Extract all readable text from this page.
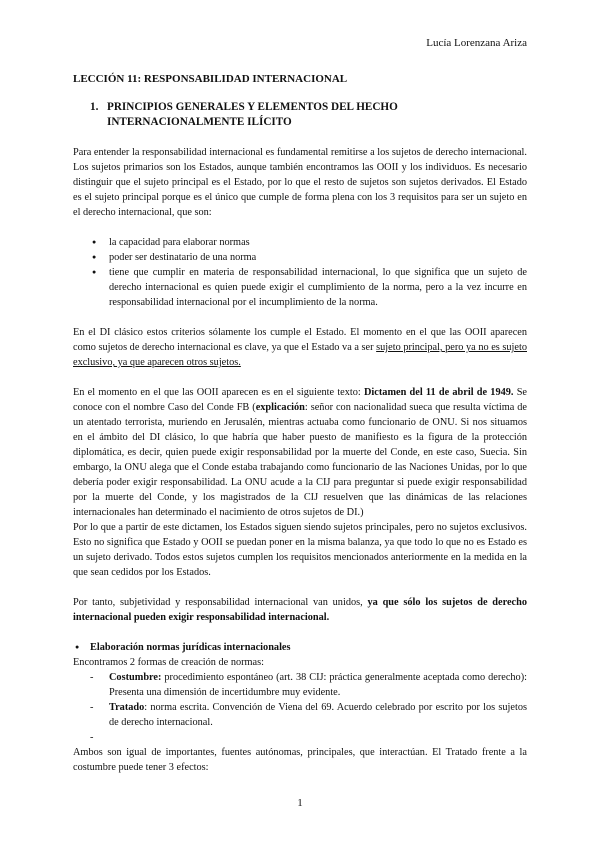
Lucía Lorenzana Ariza
LECCIÓN 11: RESPONSABILIDAD INTERNACIONAL
1. PRINCIPIOS GENERALES Y ELEMENTOS DEL HECHO INTERNACIONALMENTE ILÍCITO

Para entender la responsabilidad internacional es fundamental remitirse a los sujetos de derecho internacional. Los sujetos primarios son los Estados, aunque también encontramos las OOII y los individuos. Es necesario distinguir que el sujeto principal es el Estado, por lo que el resto de sujetos son sujetos derivados. El Estado es el sujeto principal porque es el único que cumple de forma plena con los 3 requisitos para ser un sujeto en el derecho internacional, que son:

● la capacidad para elaborar normas
● poder ser destinatario de una norma
● tiene que cumplir en materia de responsabilidad internacional, lo que significa que un sujeto de derecho internacional es quien puede exigir el cumplimiento de la norma, pero a la vez incurre en responsabilidad internacional por el incumplimiento de la norma.

En el DI clásico estos criterios sólamente los cumple el Estado. El momento en el que las OOII aparecen como sujetos de derecho internacional es clave, ya que el Estado va a ser sujeto principal, pero ya no es sujeto exclusivo, ya que aparecen otros sujetos.

En el momento en el que las OOII aparecen es en el siguiente texto: Dictamen del 11 de abril de 1949. Se conoce con el nombre Caso del Conde FB (explicación: señor con nacionalidad sueca que resulta víctima de un atentado terrorista, muriendo en Jerusalén, mientras actuaba como funcionario de ONU. Si nos situamos en el ámbito del DI clásico, lo que habría que haber puesto de manifiesto es la figura de la protección diplomática, es decir, quien puede exigir responsabilidad por la muerte del Conde, en este caso, Suecia. Sin embargo, la ONU alega que el Conde estaba trabajando como funcionario de las Naciones Unidas, por lo que debería poder exigir responsabilidad. La ONU acude a la CIJ para preguntar si puede exigir responsabilidad por la muerte del Conde, y los magistrados de la CIJ resuelven que las dinámicas de las relaciones internacionales han determinado el nacimiento de otros sujetos de DI.)

Por lo que a partir de este dictamen, los Estados siguen siendo sujetos principales, pero no sujetos exclusivos. Esto no significa que Estado y OOII se puedan poner en la misma balanza, ya que todo lo que no es Estado es un sujeto derivado. Todos estos sujetos cumplen los requisitos mencionados anteriormente en la medida en la que sean cedidos por los Estados.

Por tanto, subjetividad y responsabilidad internacional van unidos, ya que sólo los sujetos de derecho internacional pueden exigir responsabilidad internacional.

● Elaboración normas jurídicas internacionales

Encontramos 2 formas de creación de normas:

- Costumbre: procedimiento espontáneo (art. 38 CIJ: práctica generalmente aceptada como derecho): Presenta una dimensión de incertidumbre muy evidente.
- Tratado: norma escrita. Convención de Viena del 69. Acuerdo celebrado por escrito por los sujetos de derecho internacional.
-

Ambos son igual de importantes, fuentes autónomas, principales, que interactúan. El Tratado frente a la costumbre puede tener 3 efectos:

1
